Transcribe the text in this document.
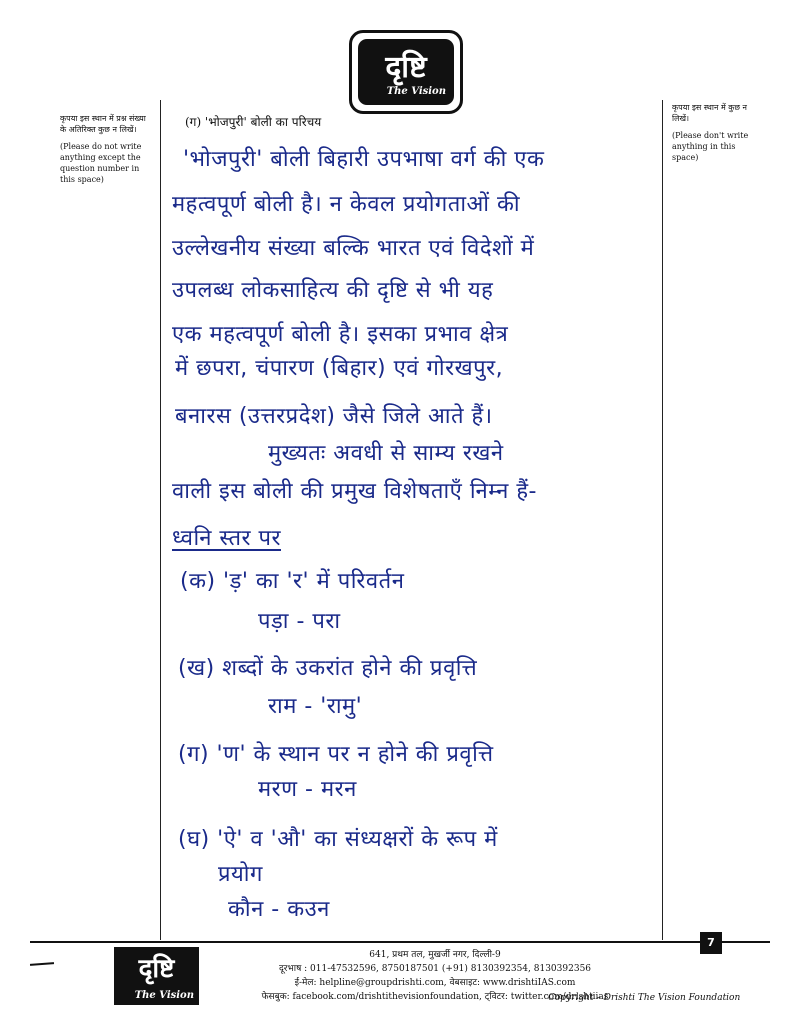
दृष्टि
The Vision
कृपया इस स्थान में प्रश्न संख्या के अतिरिक्त कुछ न लिखें।
(Please do not write anything except the question number in this space)
कृपया इस स्थान में कुछ न लिखें।
(Please don't write anything in this space)
(ग) 'भोजपुरी' बोली का परिचय
'भोजपुरी' बोली बिहारी उपभाषा वर्ग की एक
महत्वपूर्ण बोली है। न केवल प्रयोगताओं की
उल्लेखनीय संख्या बल्कि भारत एवं विदेशों में
उपलब्ध लोकसाहित्य की दृष्टि से भी यह
एक महत्वपूर्ण बोली है। इसका प्रभाव क्षेत्र
में छपरा, चंपारण (बिहार) एवं गोरखपुर,
बनारस (उत्तरप्रदेश) जैसे जिले आते हैं।
मुख्यतः अवधी से साम्य रखने
वाली इस बोली की प्रमुख विशेषताएँ निम्न हैं-
ध्वनि स्तर पर
(क) 'ड़' का 'र' में परिवर्तन
पड़ा - परा
(ख) शब्दों के उकरांत होने की प्रवृत्ति
राम - 'रामु'
(ग) 'ण' के स्थान पर न होने की प्रवृत्ति
मरण - मरन
(घ) 'ऐ' व 'औ' का संध्यक्षरों के रूप में
प्रयोग
कौन - कउन
दृष्टि
The Vision
641, प्रथम तल, मुखर्जी नगर, दिल्ली-9
दूरभाष : 011-47532596, 8750187501 (+91) 8130392354, 8130392356
ई-मेल: helpline@groupdrishti.com, वेबसाइट: www.drishtiIAS.com
फेसबुक: facebook.com/drishtithevisionfoundation, ट्विटर: twitter.com/drishtiias
7
Copyright – Drishti The Vision Foundation
